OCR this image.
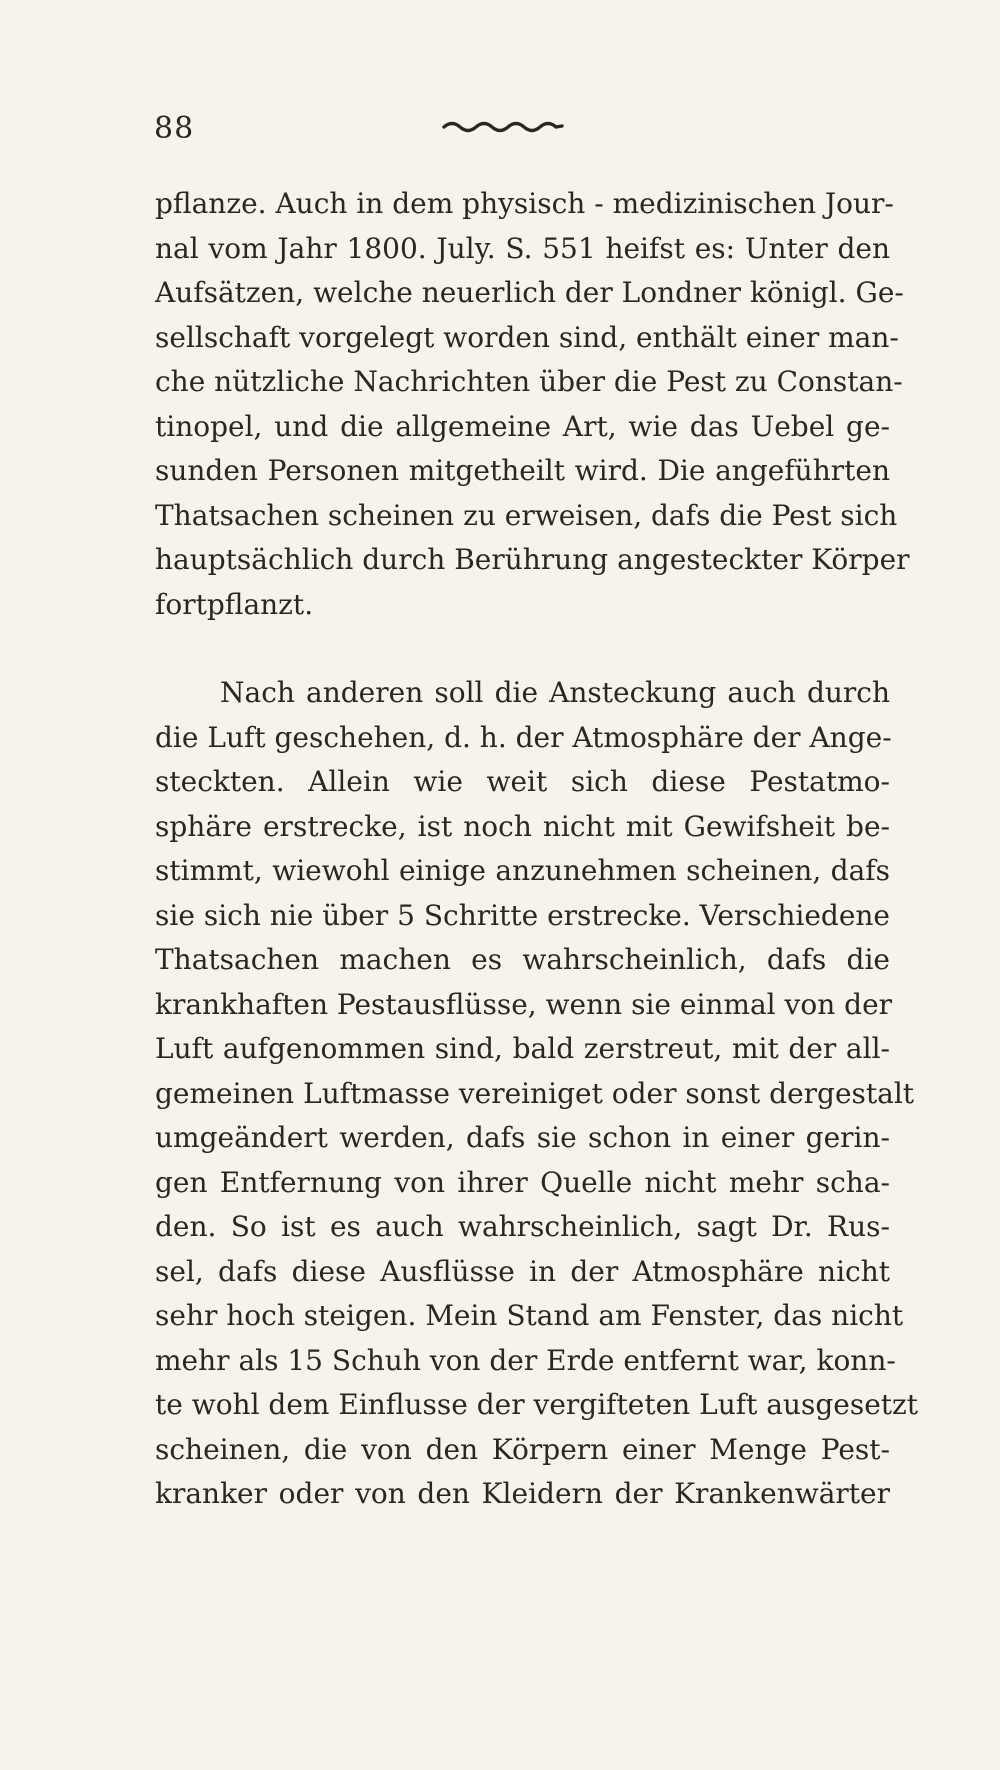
88
pflanze. Auch in dem physisch - medizinischen Jour-
nal vom Jahr 1800. July. S. 551 heifst es: Unter den
Aufsätzen, welche neuerlich der Londner königl. Ge-
sellschaft vorgelegt worden sind, enthält einer man-
che nützliche Nachrichten über die Pest zu Constan-
tinopel, und die allgemeine Art, wie das Uebel ge-
sunden Personen mitgetheilt wird. Die angeführten
Thatsachen scheinen zu erweisen, dafs die Pest sich
hauptsächlich durch Berührung angesteckter Körper
fortpflanzt.
Nach anderen soll die Ansteckung auch durch
die Luft geschehen, d. h. der Atmosphäre der Ange-
steckten. Allein wie weit sich diese Pestatmo-
sphäre erstrecke, ist noch nicht mit Gewifsheit be-
stimmt, wiewohl einige anzunehmen scheinen, dafs
sie sich nie über 5 Schritte erstrecke. Verschiedene
Thatsachen machen es wahrscheinlich, dafs die
krankhaften Pestausflüsse, wenn sie einmal von der
Luft aufgenommen sind, bald zerstreut, mit der all-
gemeinen Luftmasse vereiniget oder sonst dergestalt
umgeändert werden, dafs sie schon in einer gerin-
gen Entfernung von ihrer Quelle nicht mehr scha-
den. So ist es auch wahrscheinlich, sagt Dr. Rus-
sel, dafs diese Ausflüsse in der Atmosphäre nicht
sehr hoch steigen. Mein Stand am Fenster, das nicht
mehr als 15 Schuh von der Erde entfernt war, konn-
te wohl dem Einflusse der vergifteten Luft ausgesetzt
scheinen, die von den Körpern einer Menge Pest-
kranker oder von den Kleidern der Krankenwärter
